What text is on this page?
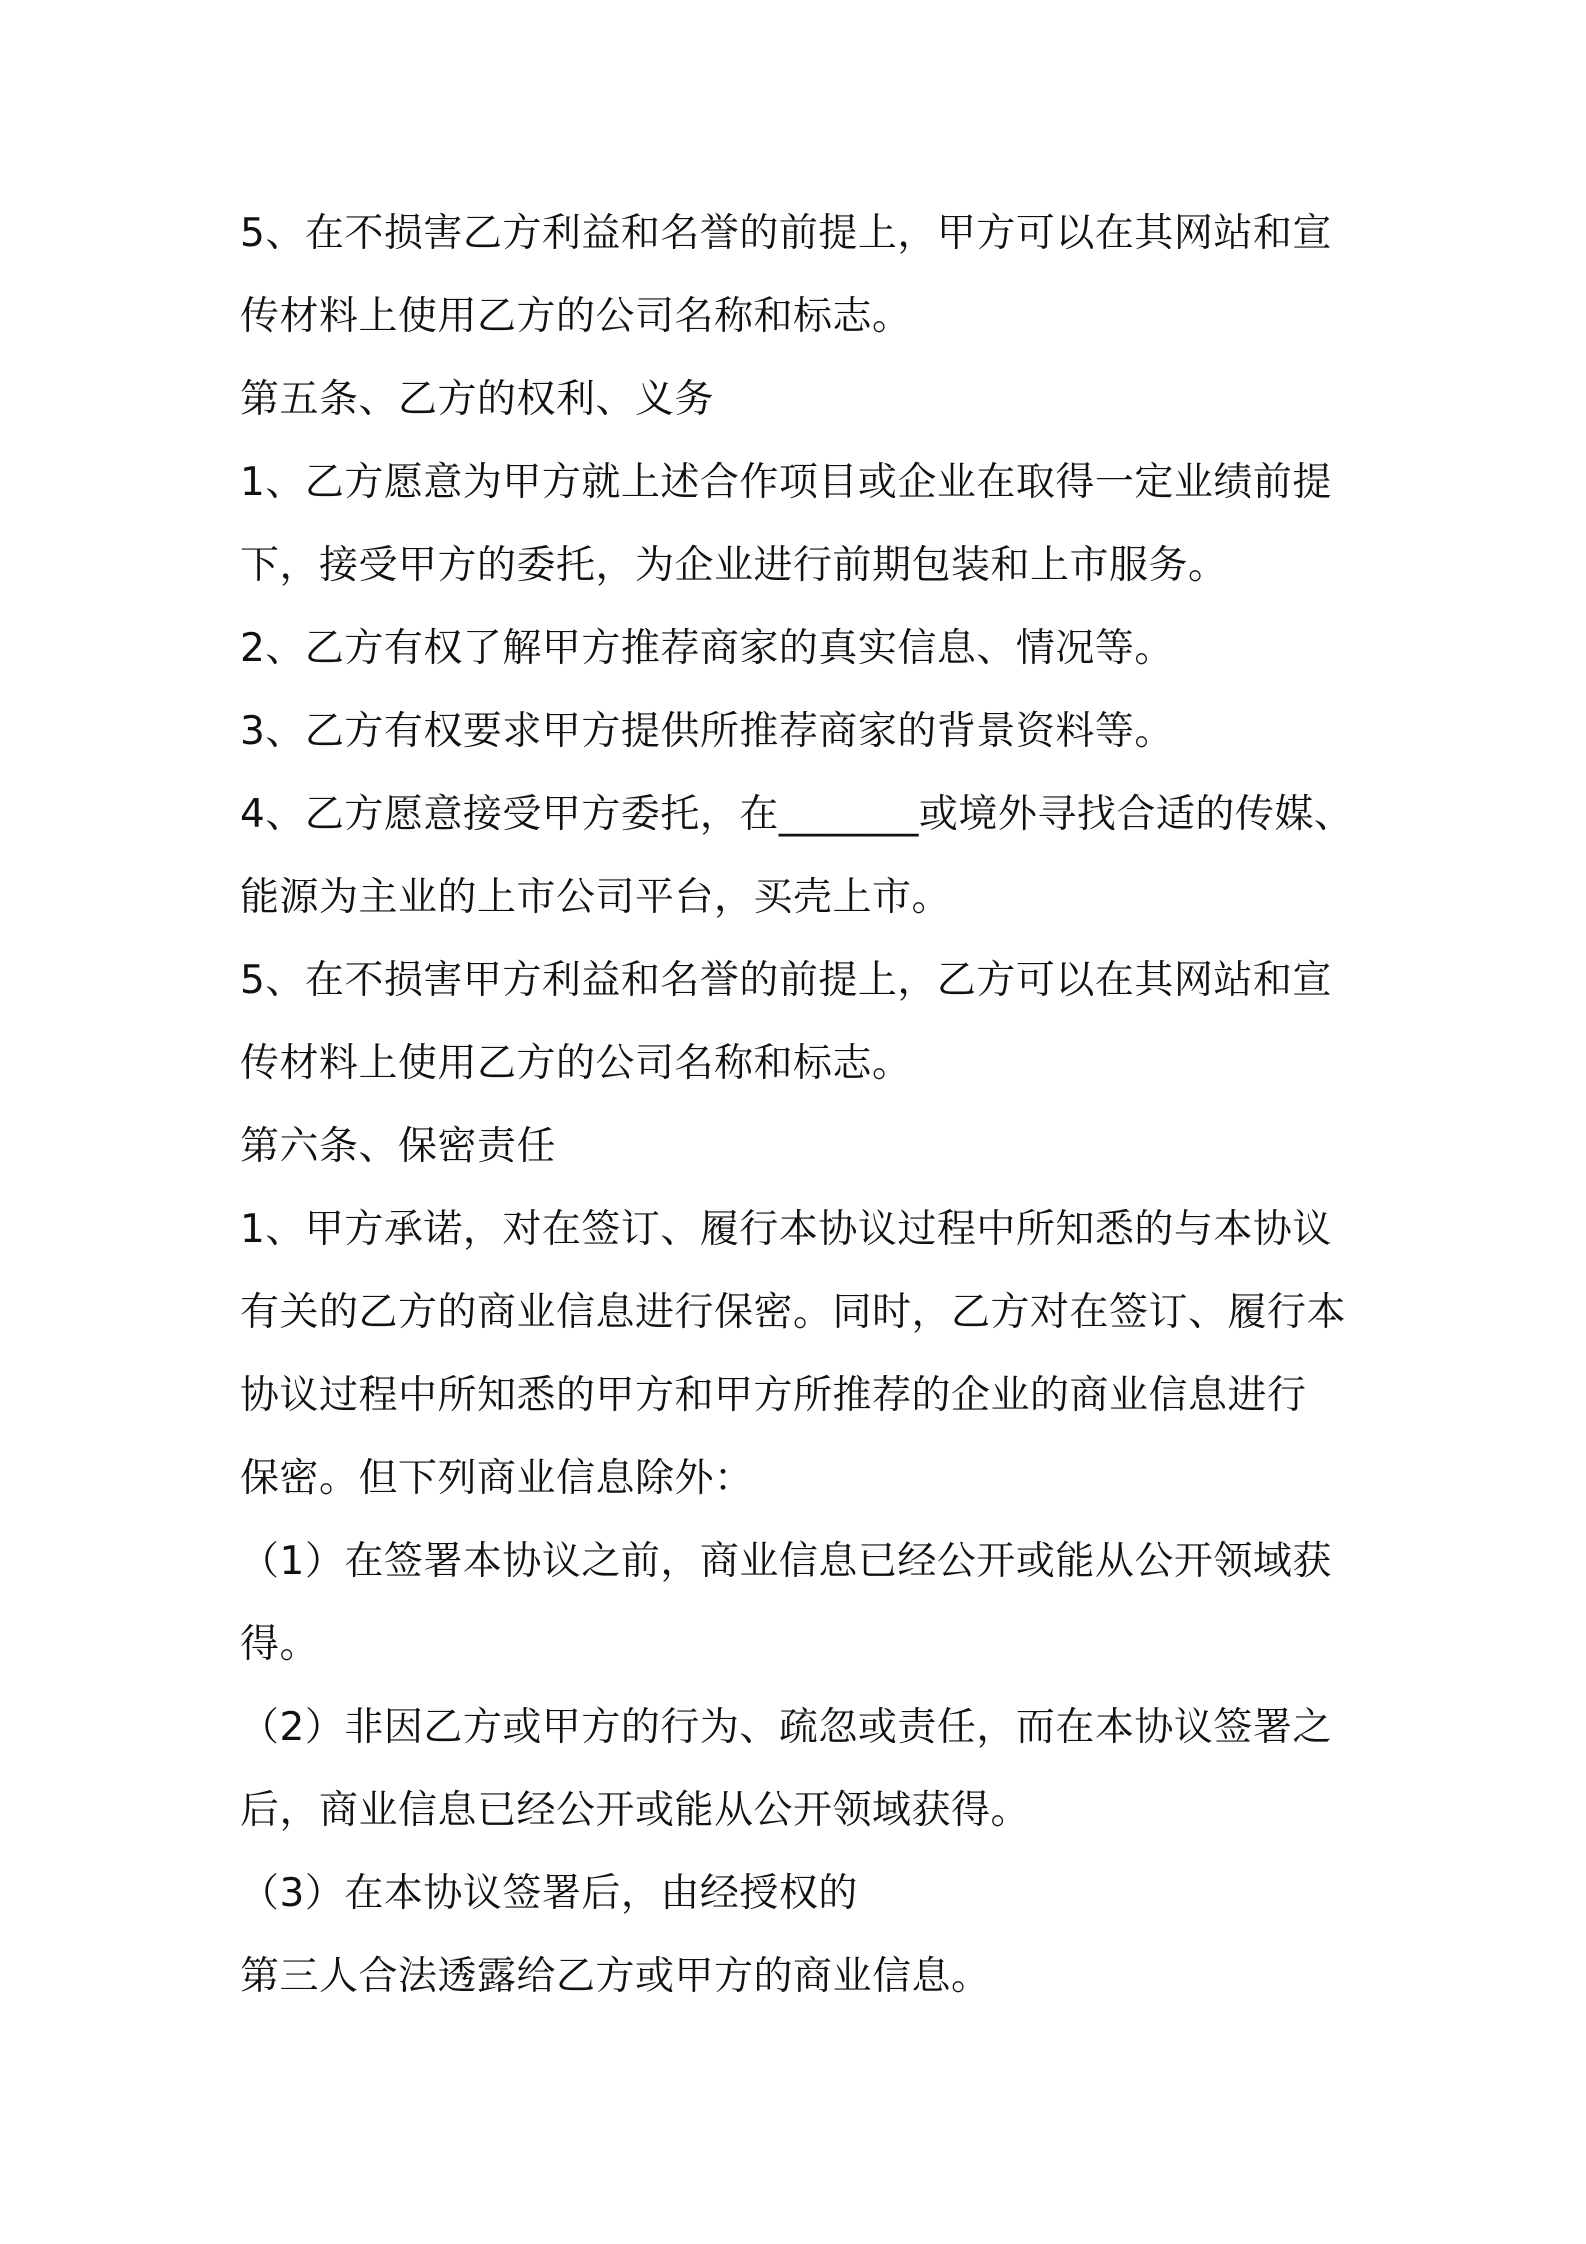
5、在不损害乙方利益和名誉的前提上，甲方可以在其网站和宣
传材料上使用乙方的公司名称和标志。
第五条、乙方的权利、义务
1、乙方愿意为甲方就上述合作项目或企业在取得一定业绩前提
下，接受甲方的委托，为企业进行前期包装和上市服务。
2、乙方有权了解甲方推荐商家的真实信息、情况等。
3、乙方有权要求甲方提供所推荐商家的背景资料等。
4、乙方愿意接受甲方委托，在_______或境外寻找合适的传媒、
能源为主业的上市公司平台，买壳上市。
5、在不损害甲方利益和名誉的前提上，乙方可以在其网站和宣
传材料上使用乙方的公司名称和标志。
第六条、保密责任
1、甲方承诺，对在签订、履行本协议过程中所知悉的与本协议
有关的乙方的商业信息进行保密。同时，乙方对在签订、履行本
协议过程中所知悉的甲方和甲方所推荐的企业的商业信息进行
保密。但下列商业信息除外：
（1）在签署本协议之前，商业信息已经公开或能从公开领域获
得。
（2）非因乙方或甲方的行为、疏忽或责任，而在本协议签署之
后，商业信息已经公开或能从公开领域获得。
（3）在本协议签署后，由经授权的
第三人合法透露给乙方或甲方的商业信息。
